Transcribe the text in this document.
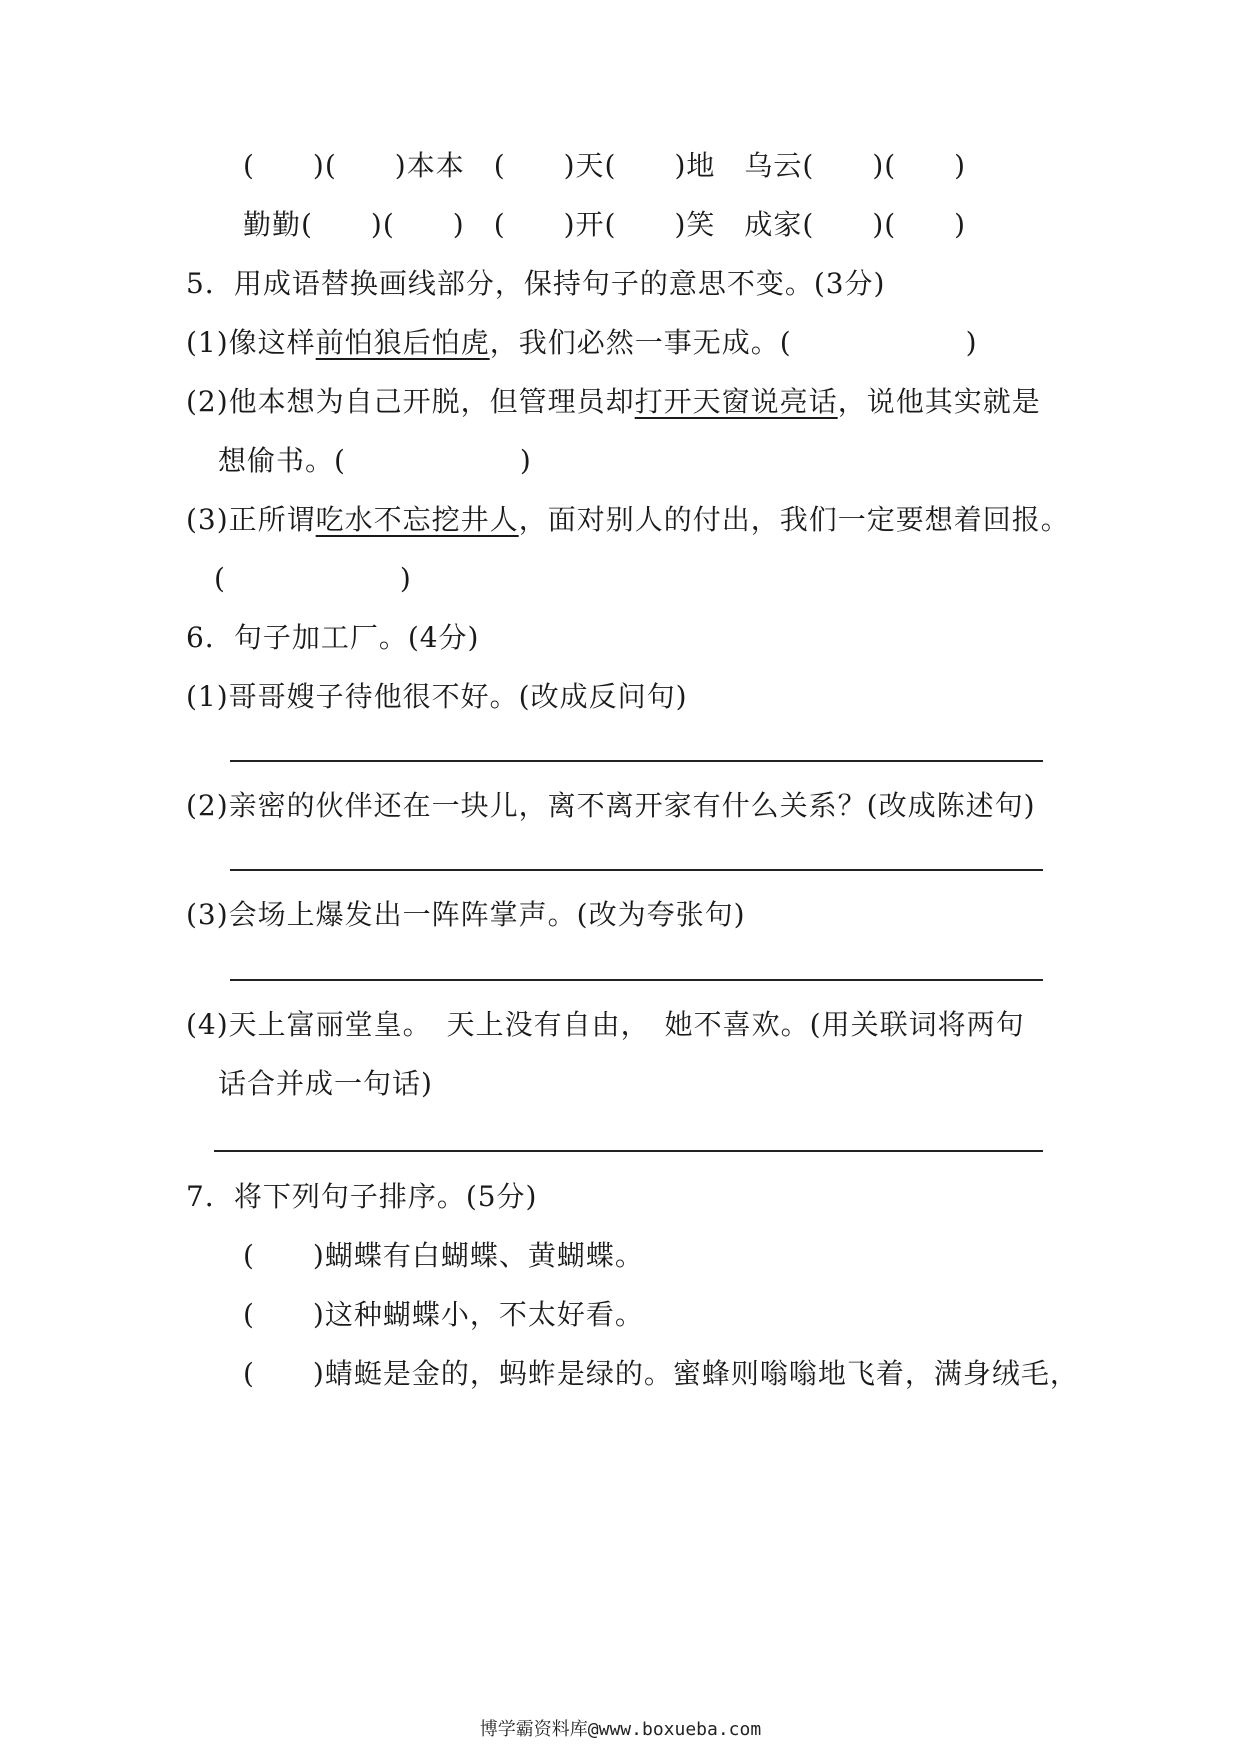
(　　)(　　)本本　(　　)天(　　)地　乌云(　　)(　　)
勤勤(　　)(　　)　(　　)开(　　)笑　成家(　　)(　　)
5．用成语替换画线部分，保持句子的意思不变。(3分)
(1)像这样前怕狼后怕虎，我们必然一事无成。(　　　　　　)
(2)他本想为自己开脱，但管理员却打开天窗说亮话，说他其实就是
想偷书。(　　　　　　)
(3)正所谓吃水不忘挖井人，面对别人的付出，我们一定要想着回报。
(　　　　　　)
6．句子加工厂。(4分)
(1)哥哥嫂子待他很不好。(改成反问句)
(2)亲密的伙伴还在一块儿，离不离开家有什么关系？(改成陈述句)
(3)会场上爆发出一阵阵掌声。(改为夸张句)
(4)天上富丽堂皇。　天上没有自由，　她不喜欢。(用关联词将两句
话合并成一句话)
7．将下列句子排序。(5分)
(　　)蝴蝶有白蝴蝶、黄蝴蝶。
(　　)这种蝴蝶小，不太好看。
(　　)蜻蜓是金的，蚂蚱是绿的。蜜蜂则嗡嗡地飞着，满身绒毛，
博学霸资料库@www.boxueba.com
